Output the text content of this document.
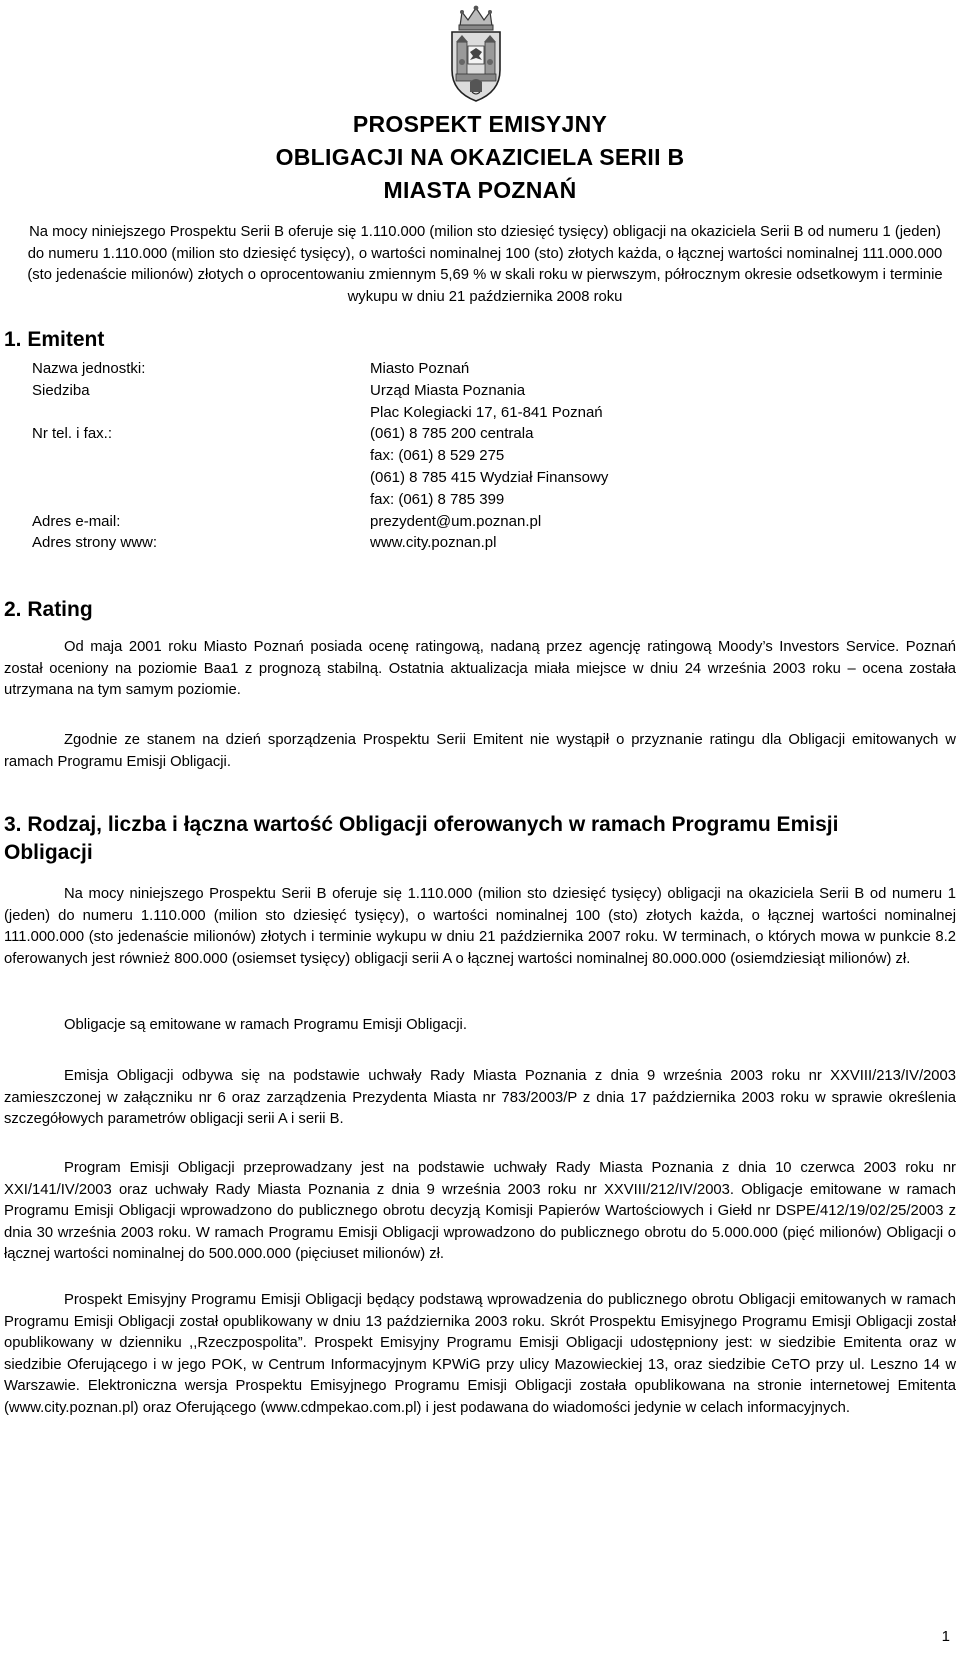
PROSPEKT EMISYJNY
OBLIGACJI NA OKAZICIELA SERII B
MIASTA POZNAŃ
Na mocy niniejszego Prospektu Serii B oferuje się 1.110.000 (milion sto dziesięć tysięcy) obligacji na okaziciela Serii B od numeru 1 (jeden) do numeru 1.110.000 (milion sto dziesięć tysięcy), o wartości nominalnej 100 (sto) złotych każda, o łącznej wartości nominalnej 111.000.000 (sto jedenaście milionów) złotych o oprocentowaniu zmiennym 5,69 % w skali roku w pierwszym, półrocznym okresie odsetkowym i terminie wykupu w dniu 21 października 2008 roku
1. Emitent
Nazwa jednostki:	Miasto Poznań
Siedziba	Urząd Miasta Poznania
Plac Kolegiacki 17, 61-841 Poznań
Nr tel. i fax.:	(061) 8 785 200 centrala
fax: (061) 8 529 275
(061) 8 785 415 Wydział Finansowy
fax: (061) 8 785 399
Adres e-mail:	prezydent@um.poznan.pl
Adres strony www:	www.city.poznan.pl
2. Rating

Od maja 2001 roku Miasto Poznań posiada ocenę ratingową, nadaną przez agencję ratingową Moody’s Investors Service. Poznań został oceniony na poziomie Baa1 z prognozą stabilną. Ostatnia aktualizacja miała miejsce w dniu 24 września 2003 roku – ocena została utrzymana na tym samym poziomie.

Zgodnie ze stanem na dzień sporządzenia Prospektu Serii Emitent nie wystąpił o przyznanie ratingu dla Obligacji emitowanych w ramach Programu Emisji Obligacji.

3. Rodzaj, liczba i łączna wartość Obligacji oferowanych w ramach Programu Emisji
Obligacji

Na mocy niniejszego Prospektu Serii B oferuje się 1.110.000 (milion sto dziesięć tysięcy) obligacji na okaziciela Serii B od numeru 1 (jeden) do numeru 1.110.000 (milion sto dziesięć tysięcy), o wartości nominalnej 100 (sto) złotych każda, o łącznej wartości nominalnej 111.000.000 (sto jedenaście milionów) złotych i terminie wykupu w dniu 21 października 2007 roku. W terminach, o których mowa w punkcie 8.2 oferowanych jest również 800.000 (osiemset tysięcy) obligacji serii A o łącznej wartości nominalnej 80.000.000 (osiemdziesiąt milionów) zł.

Obligacje są emitowane w ramach Programu Emisji Obligacji.

Emisja Obligacji odbywa się na podstawie uchwały Rady Miasta Poznania z dnia 9 września 2003 roku nr XXVIII/213/IV/2003 zamieszczonej w załączniku nr 6 oraz zarządzenia Prezydenta Miasta nr 783/2003/P z dnia 17 października 2003 roku w sprawie określenia szczegółowych parametrów obligacji serii A i serii B.

Program Emisji Obligacji przeprowadzany jest na podstawie uchwały Rady Miasta Poznania z dnia 10 czerwca 2003 roku nr XXI/141/IV/2003 oraz uchwały Rady Miasta Poznania z dnia 9 września 2003 roku nr XXVIII/212/IV/2003. Obligacje emitowane w ramach Programu Emisji Obligacji wprowadzono do publicznego obrotu decyzją Komisji Papierów Wartościowych i Giełd nr DSPE/412/19/02/25/2003 z dnia 30 września 2003 roku. W ramach Programu Emisji Obligacji wprowadzono do publicznego obrotu do 5.000.000 (pięć milionów) Obligacji o łącznej wartości nominalnej do 500.000.000 (pięciuset milionów) zł.

Prospekt Emisyjny Programu Emisji Obligacji będący podstawą wprowadzenia do publicznego obrotu Obligacji emitowanych w ramach Programu Emisji Obligacji został opublikowany w dniu 13 października 2003 roku. Skrót Prospektu Emisyjnego Programu Emisji Obligacji został opublikowany w dzienniku ,,Rzeczpospolita”. Prospekt Emisyjny Programu Emisji Obligacji udostępniony jest: w siedzibie Emitenta oraz w siedzibie Oferującego i w jego POK, w Centrum Informacyjnym KPWiG przy ulicy Mazowieckiej 13, oraz siedzibie CeTO przy ul. Leszno 14 w Warszawie. Elektroniczna wersja Prospektu Emisyjnego Programu Emisji Obligacji została opublikowana na stronie internetowej Emitenta (www.city.poznan.pl) oraz Oferującego (www.cdmpekao.com.pl) i jest podawana do wiadomości jedynie w celach informacyjnych.

1
